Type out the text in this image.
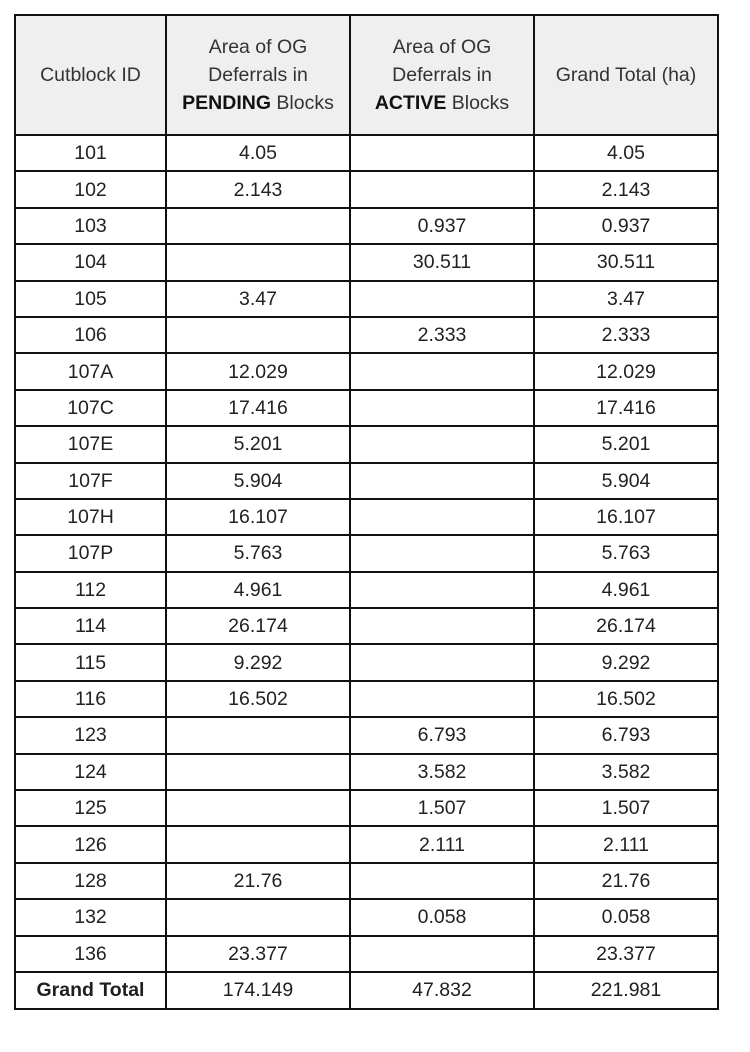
Cutblock ID	Area of OG
Deferrals in
PENDING Blocks	Area of OG
Deferrals in
ACTIVE Blocks	Grand Total (ha)
101	4.05		4.05
102	2.143		2.143
103		0.937	0.937
104		30.511	30.511
105	3.47		3.47
106		2.333	2.333
107A	12.029		12.029
107C	17.416		17.416
107E	5.201		5.201
107F	5.904		5.904
107H	16.107		16.107
107P	5.763		5.763
112	4.961		4.961
114	26.174		26.174
115	9.292		9.292
116	16.502		16.502
123		6.793	6.793
124		3.582	3.582
125		1.507	1.507
126		2.111	2.111
128	21.76		21.76
132		0.058	0.058
136	23.377		23.377
Grand Total	174.149	47.832	221.981
